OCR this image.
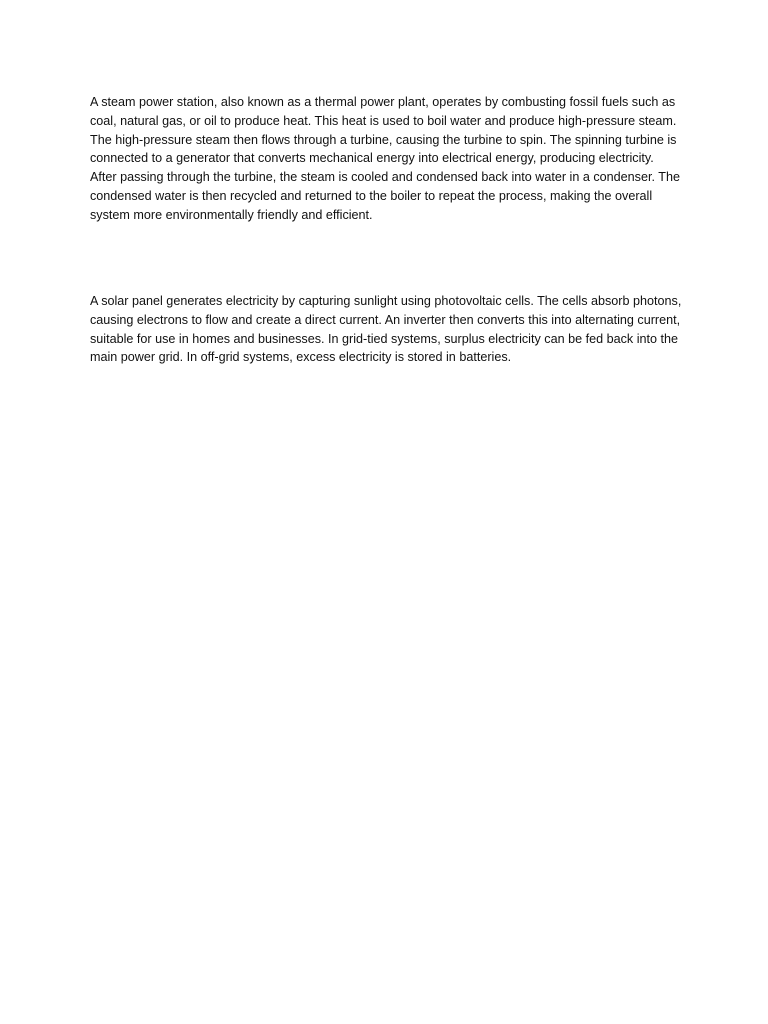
A steam power station, also known as a thermal power plant, operates by combusting fossil fuels such as coal, natural gas, or oil to produce heat. This heat is used to boil water and produce high-pressure steam. The high-pressure steam then flows through a turbine, causing the turbine to spin. The spinning turbine is connected to a generator that converts mechanical energy into electrical energy, producing electricity. After passing through the turbine, the steam is cooled and condensed back into water in a condenser. The condensed water is then recycled and returned to the boiler to repeat the process, making the overall system more environmentally friendly and efficient.

A solar panel generates electricity by capturing sunlight using photovoltaic cells. The cells absorb photons, causing electrons to flow and create a direct current. An inverter then converts this into alternating current, suitable for use in homes and businesses. In grid-tied systems, surplus electricity can be fed back into the main power grid. In off-grid systems, excess electricity is stored in batteries.
